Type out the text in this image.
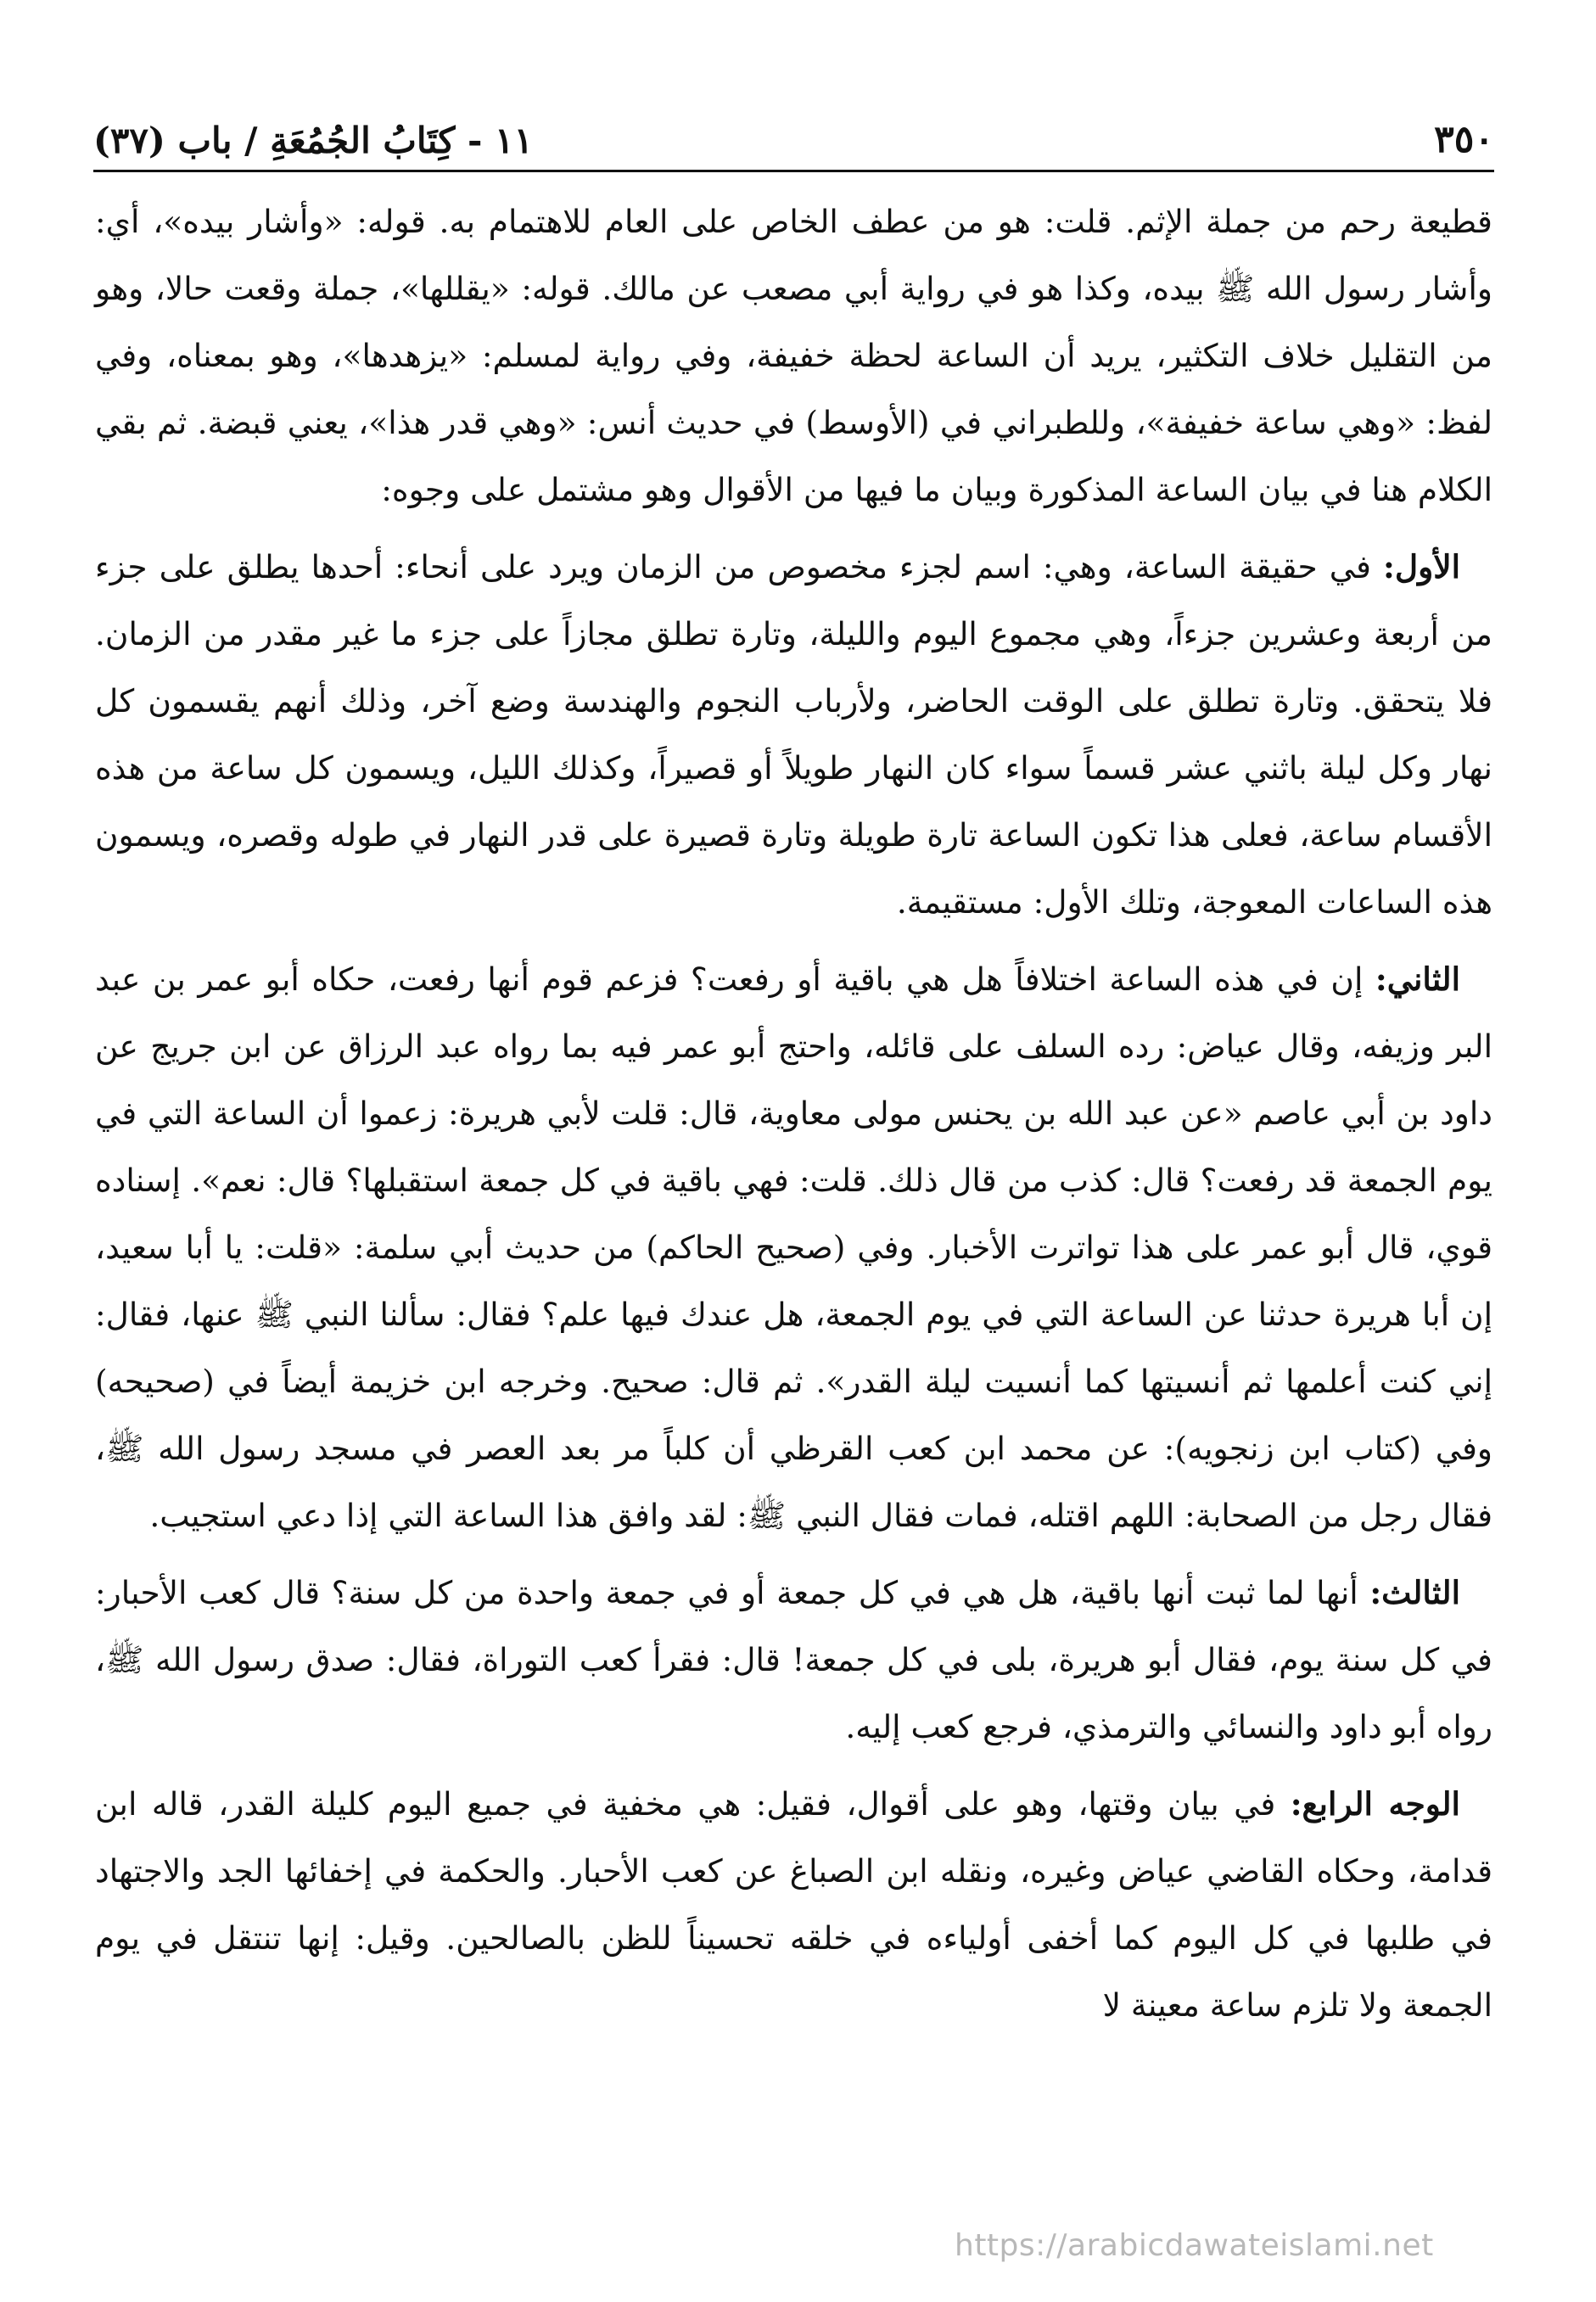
٣٥٠
١١ - كِتَابُ الجُمُعَةِ / باب (٣٧)

قطيعة رحم من جملة الإثم. قلت: هو من عطف الخاص على العام للاهتمام به. قوله: «وأشار بيده»، أي: وأشار رسول الله ﷺ بيده، وكذا هو في رواية أبي مصعب عن مالك. قوله: «يقللها»، جملة وقعت حالا، وهو من التقليل خلاف التكثير، يريد أن الساعة لحظة خفيفة، وفي رواية لمسلم: «يزهدها»، وهو بمعناه، وفي لفظ: «وهي ساعة خفيفة»، وللطبراني في (الأوسط) في حديث أنس: «وهي قدر هذا»، يعني قبضة. ثم بقي الكلام هنا في بيان الساعة المذكورة وبيان ما فيها من الأقوال وهو مشتمل على وجوه:

الأول: في حقيقة الساعة، وهي: اسم لجزء مخصوص من الزمان ويرد على أنحاء: أحدها يطلق على جزء من أربعة وعشرين جزءاً، وهي مجموع اليوم والليلة، وتارة تطلق مجازاً على جزء ما غير مقدر من الزمان. فلا يتحقق. وتارة تطلق على الوقت الحاضر، ولأرباب النجوم والهندسة وضع آخر، وذلك أنهم يقسمون كل نهار وكل ليلة باثني عشر قسماً سواء كان النهار طويلاً أو قصيراً، وكذلك الليل، ويسمون كل ساعة من هذه الأقسام ساعة، فعلى هذا تكون الساعة تارة طويلة وتارة قصيرة على قدر النهار في طوله وقصره، ويسمون هذه الساعات المعوجة، وتلك الأول: مستقيمة.

الثاني: إن في هذه الساعة اختلافاً هل هي باقية أو رفعت؟ فزعم قوم أنها رفعت، حكاه أبو عمر بن عبد البر وزيفه، وقال عياض: رده السلف على قائله، واحتج أبو عمر فيه بما رواه عبد الرزاق عن ابن جريج عن داود بن أبي عاصم «عن عبد الله بن يحنس مولى معاوية، قال: قلت لأبي هريرة: زعموا أن الساعة التي في يوم الجمعة قد رفعت؟ قال: كذب من قال ذلك. قلت: فهي باقية في كل جمعة استقبلها؟ قال: نعم». إسناده قوي، قال أبو عمر على هذا تواترت الأخبار. وفي (صحيح الحاكم) من حديث أبي سلمة: «قلت: يا أبا سعيد، إن أبا هريرة حدثنا عن الساعة التي في يوم الجمعة، هل عندك فيها علم؟ فقال: سألنا النبي ﷺ عنها، فقال: إني كنت أعلمها ثم أنسيتها كما أنسيت ليلة القدر». ثم قال: صحيح. وخرجه ابن خزيمة أيضاً في (صحيحه) وفي (كتاب ابن زنجويه): عن محمد ابن كعب القرظي أن كلباً مر بعد العصر في مسجد رسول الله ﷺ، فقال رجل من الصحابة: اللهم اقتله، فمات فقال النبي ﷺ: لقد وافق هذا الساعة التي إذا دعي استجيب.

الثالث: أنها لما ثبت أنها باقية، هل هي في كل جمعة أو في جمعة واحدة من كل سنة؟ قال كعب الأحبار: في كل سنة يوم، فقال أبو هريرة، بلى في كل جمعة! قال: فقرأ كعب التوراة، فقال: صدق رسول الله ﷺ، رواه أبو داود والنسائي والترمذي، فرجع كعب إليه.

الوجه الرابع: في بيان وقتها، وهو على أقوال، فقيل: هي مخفية في جميع اليوم كليلة القدر، قاله ابن قدامة، وحكاه القاضي عياض وغيره، ونقله ابن الصباغ عن كعب الأحبار. والحكمة في إخفائها الجد والاجتهاد في طلبها في كل اليوم كما أخفى أولياءه في خلقه تحسيناً للظن بالصالحين. وقيل: إنها تنتقل في يوم الجمعة ولا تلزم ساعة معينة لا

https://arabicdawateislami.net
